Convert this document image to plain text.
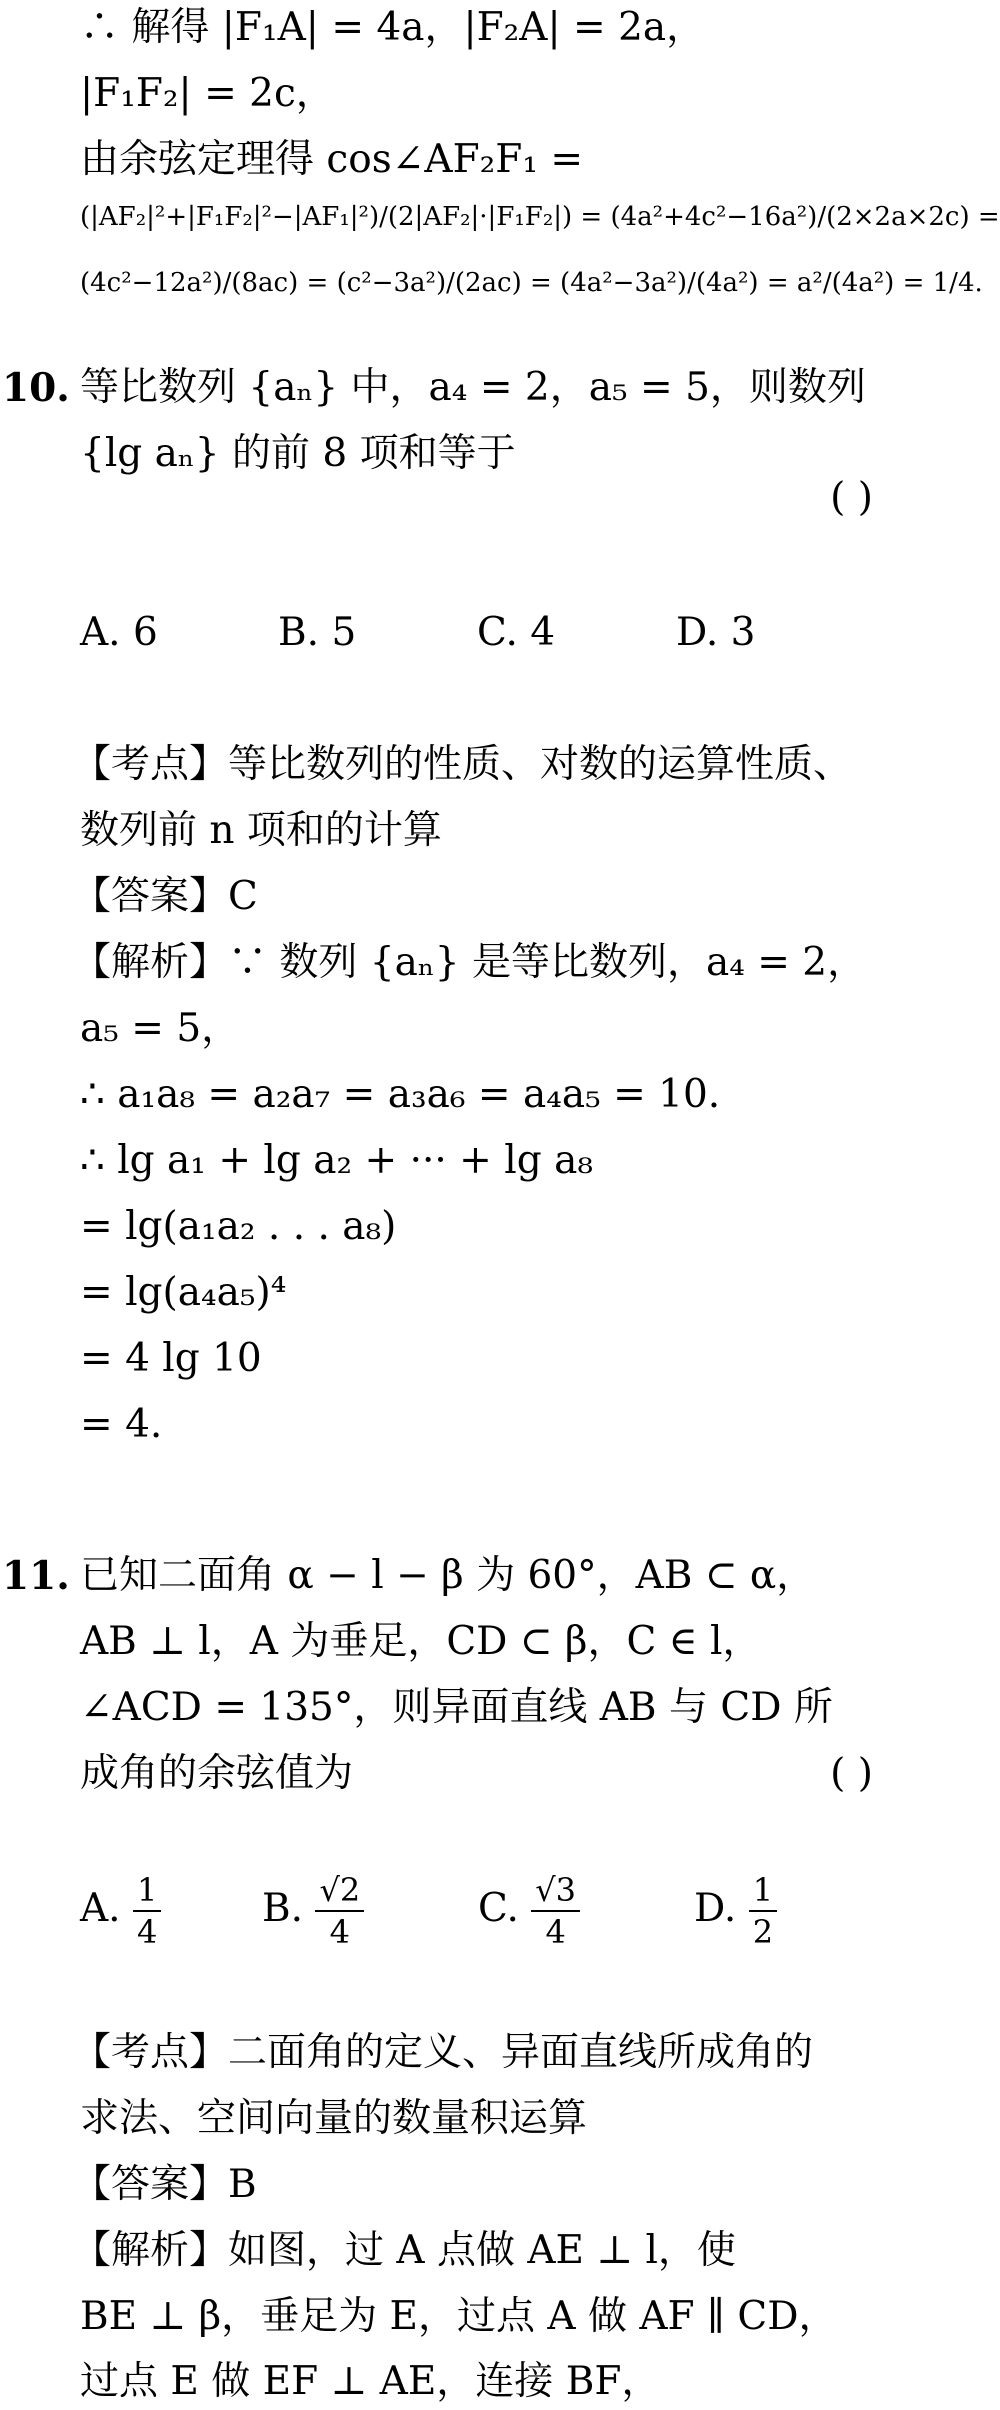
∴ 解得 |F₁A| = 4a，|F₂A| = 2a，
|F₁F₂| = 2c，
由余弦定理得 cos∠AF₂F₁ =
(|AF₂|²+|F₁F₂|²−|AF₁|²)/(2|AF₂|·|F₁F₂|) = (4a²+4c²−16a²)/(2×2a×2c) =
(4c²−12a²)/(8ac) = (c²−3a²)/(2ac) = (4a²−3a²)/(4a²) = a²/(4a²) = 1/4.
10. 等比数列 {aₙ} 中，a₄ = 2，a₅ = 5，则数列
{lg aₙ} 的前 8 项和等于
( )
A. 6	B. 5	C. 4	D. 3
【考点】等比数列的性质、对数的运算性质、
数列前 n 项和的计算
【答案】C
【解析】∵ 数列 {aₙ} 是等比数列，a₄ = 2，
a₅ = 5，
∴ a₁a₈ = a₂a₇ = a₃a₆ = a₄a₅ = 10.
∴ lg a₁ + lg a₂ + ··· + lg a₈
= lg(a₁a₂ . . . a₈)
= lg(a₄a₅)⁴
= 4 lg 10
= 4.
11. 已知二面角 α − l − β 为 60°，AB ⊂ α，
AB ⊥ l，A 为垂足，CD ⊂ β，C ∈ l，
∠ACD = 135°，则异面直线 AB 与 CD 所
成角的余弦值为	( )
A. $\frac{1}{4}$	B. $\frac{√2}{4}$	C. $\frac{√3}{4}$	D. $\frac{1}{2}$
【考点】二面角的定义、异面直线所成角的
求法、空间向量的数量积运算
【答案】B
【解析】如图，过 A 点做 AE ⊥ l，使
BE ⊥ β，垂足为 E，过点 A 做 AF ∥ CD，
过点 E 做 EF ⊥ AE，连接 BF，
